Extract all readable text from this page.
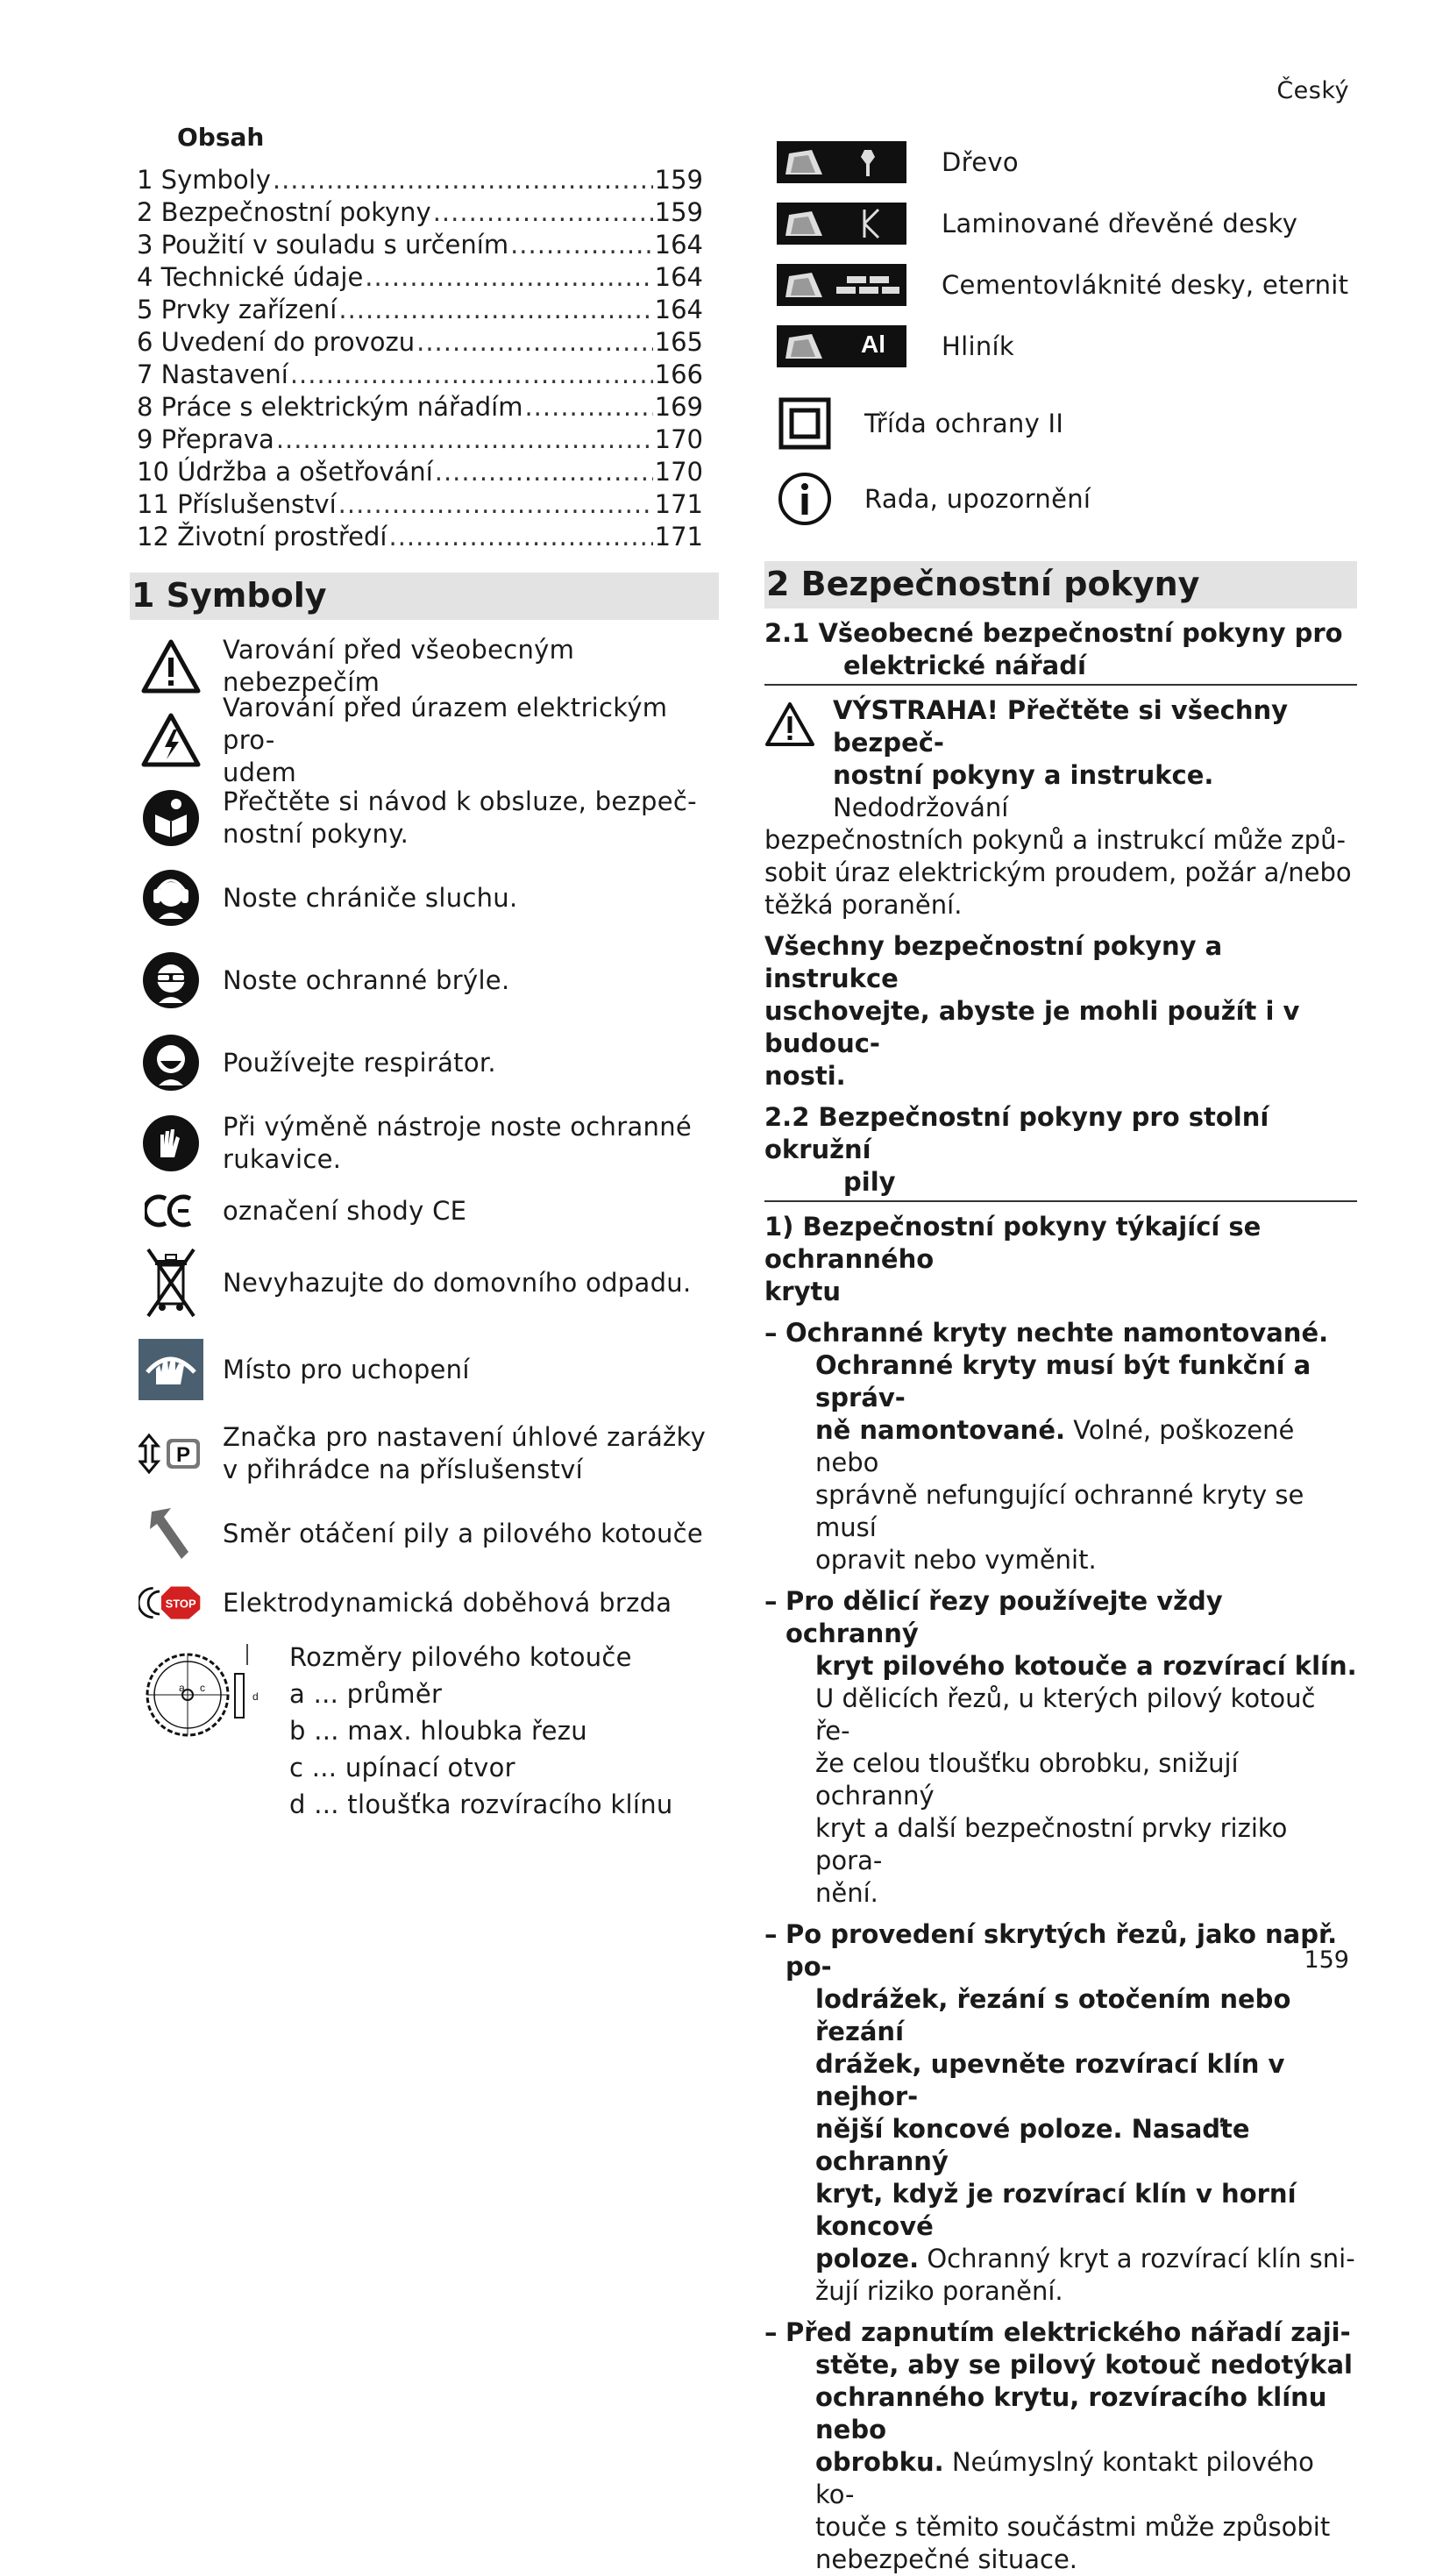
Český
Obsah
1 Symboly .....	159
2 Bezpečnostní pokyny .....	159
3 Použití v souladu s určením .....	164
4 Technické údaje .....	164
5 Prvky zařízení .....	164
6 Uvedení do provozu .....	165
7 Nastavení .....	166
8 Práce s elektrickým nářadím .....	169
9 Přeprava .....	170
10 Údržba a ošetřování .....	170
11 Příslušenství .....	171
12 Životní prostředí .....	171
1 Symboly
Varování před všeobecným nebezpečím
Varování před úrazem elektrickým pro-
udem
Přečtěte si návod k obsluze, bezpeč-
nostní pokyny.
Noste chrániče sluchu.
Noste ochranné brýle.
Používejte respirátor.
Při výměně nástroje noste ochranné
rukavice.
označení shody CE
Nevyhazujte do domovního odpadu.
Místo pro uchopení
P
Značka pro nastavení úhlové zarážky
v přihrádce na příslušenství
Směr otáčení pily a pilového kotouče
STOP Elektrodynamická doběhová brzda
a c
d
Rozměry pilového kotouče
a ... průměr
b ... max. hloubka řezu
c ... upínací otvor
d ... tloušťka rozvíracího klínu
Dřevo
Laminované dřevěné desky
Cementovláknité desky, eternit
Al Hliník
Třída ochrany II
Rada, upozornění
2 Bezpečnostní pokyny
2.1 Všeobecné bezpečnostní pokyny pro
elektrické nářadí
VÝSTRAHA! Přečtěte si všechny bezpeč-
nostní pokyny a instrukce. Nedodržování
bezpečnostních pokynů a instrukcí může způ-
sobit úraz elektrickým proudem, požár a/nebo
těžká poranění.
Všechny bezpečnostní pokyny a instrukce
uschovejte, abyste je mohli použít i v budouc-
nosti.
2.2 Bezpečnostní pokyny pro stolní okružní
pily
1) Bezpečnostní pokyny týkající se ochranného
krytu
– Ochranné kryty nechte namontované.
Ochranné kryty musí být funkční a správ-
ně namontované. Volné, poškozené nebo
správně nefungující ochranné kryty se musí
opravit nebo vyměnit.
– Pro dělicí řezy používejte vždy ochranný
kryt pilového kotouče a rozvírací klín.
U dělicích řezů, u kterých pilový kotouč ře-
že celou tloušťku obrobku, snižují ochranný
kryt a další bezpečnostní prvky riziko pora-
nění.
– Po provedení skrytých řezů, jako např. po-
lodrážek, řezání s otočením nebo řezání
drážek, upevněte rozvírací klín v nejhor-
nější koncové poloze. Nasaďte ochranný
kryt, když je rozvírací klín v horní koncové
poloze. Ochranný kryt a rozvírací klín sni-
žují riziko poranění.
– Před zapnutím elektrického nářadí zaji-
stěte, aby se pilový kotouč nedotýkal
ochranného krytu, rozvíracího klínu nebo
obrobku. Neúmyslný kontakt pilového ko-
touče s těmito součástmi může způsobit
nebezpečné situace.
159
